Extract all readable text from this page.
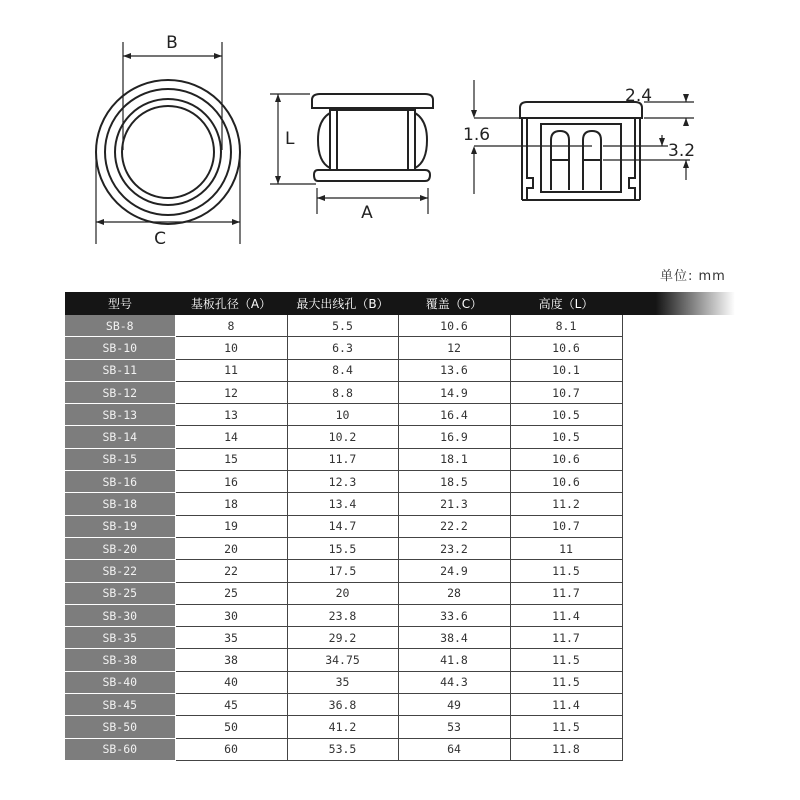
B
C
L
A
1.6
2.4
3.2
单位: mm
型号	基板孔径（A）	最大出线孔（B）	覆盖（C）	高度（L）	
SB-8	8	5.5	10.6	8.1	
SB-10	10	6.3	12	10.6	
SB-11	11	8.4	13.6	10.1	
SB-12	12	8.8	14.9	10.7	
SB-13	13	10	16.4	10.5	
SB-14	14	10.2	16.9	10.5	
SB-15	15	11.7	18.1	10.6	
SB-16	16	12.3	18.5	10.6	
SB-18	18	13.4	21.3	11.2	
SB-19	19	14.7	22.2	10.7	
SB-20	20	15.5	23.2	11	
SB-22	22	17.5	24.9	11.5	
SB-25	25	20	28	11.7	
SB-30	30	23.8	33.6	11.4	
SB-35	35	29.2	38.4	11.7	
SB-38	38	34.75	41.8	11.5	
SB-40	40	35	44.3	11.5	
SB-45	45	36.8	49	11.4	
SB-50	50	41.2	53	11.5	
SB-60	60	53.5	64	11.8	
